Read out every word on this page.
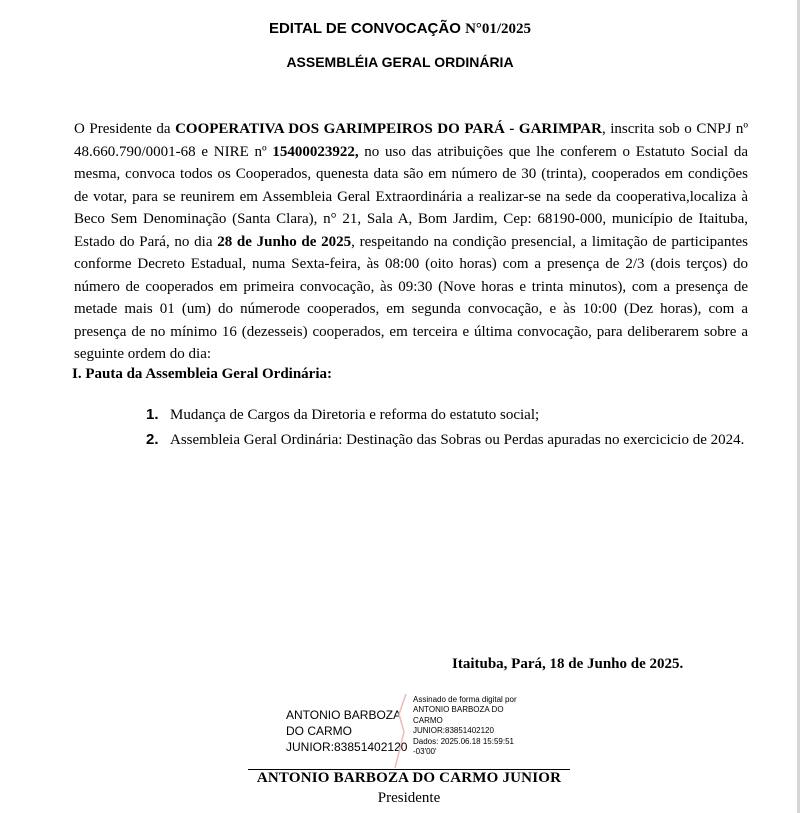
EDITAL DE CONVOCAÇÃO N°01/2025
ASSEMBLÉIA GERAL ORDINÁRIA
O Presidente da COOPERATIVA DOS GARIMPEIROS DO PARÁ - GARIMPAR, inscrita sob o CNPJ nº 48.660.790/0001-68 e NIRE nº 15400023922, no uso das atribuições que lhe conferem o Estatuto Social da mesma, convoca todos os Cooperados, quenesta data são em número de 30 (trinta), cooperados em condições de votar, para se reunirem em Assembleia Geral Extraordinária a realizar-se na sede da cooperativa,localiza à Beco Sem Denominação (Santa Clara), n° 21, Sala A, Bom Jardim, Cep: 68190-000, município de Itaituba, Estado do Pará, no dia 28 de Junho de 2025, respeitando na condição presencial, a limitação de participantes conforme Decreto Estadual, numa Sexta-feira, às 08:00 (oito horas) com a presença de 2/3 (dois terços) do número de cooperados em primeira convocação, às 09:30 (Nove horas e trinta minutos), com a presença de metade mais 01 (um) do númerode cooperados, em segunda convocação, e às 10:00 (Dez horas), com a presença de no mínimo 16 (dezesseis) cooperados, em terceira e última convocação, para deliberarem sobre a seguinte ordem do dia:
I. Pauta da Assembleia Geral Ordinária:
1. Mudança de Cargos da Diretoria e reforma do estatuto social;
2. Assembleia Geral Ordinária: Destinação das Sobras ou Perdas apuradas no exercicicio de 2024.
Itaituba, Pará, 18 de Junho de 2025.
ANTONIO BARBOZA
DO CARMO
JUNIOR:83851402120
Assinado de forma digital por
ANTONIO BARBOZA DO
CARMO
JUNIOR:83851402120
Dados: 2025.06.18 15:59:51
-03'00'
ANTONIO BARBOZA DO CARMO JUNIOR
Presidente
